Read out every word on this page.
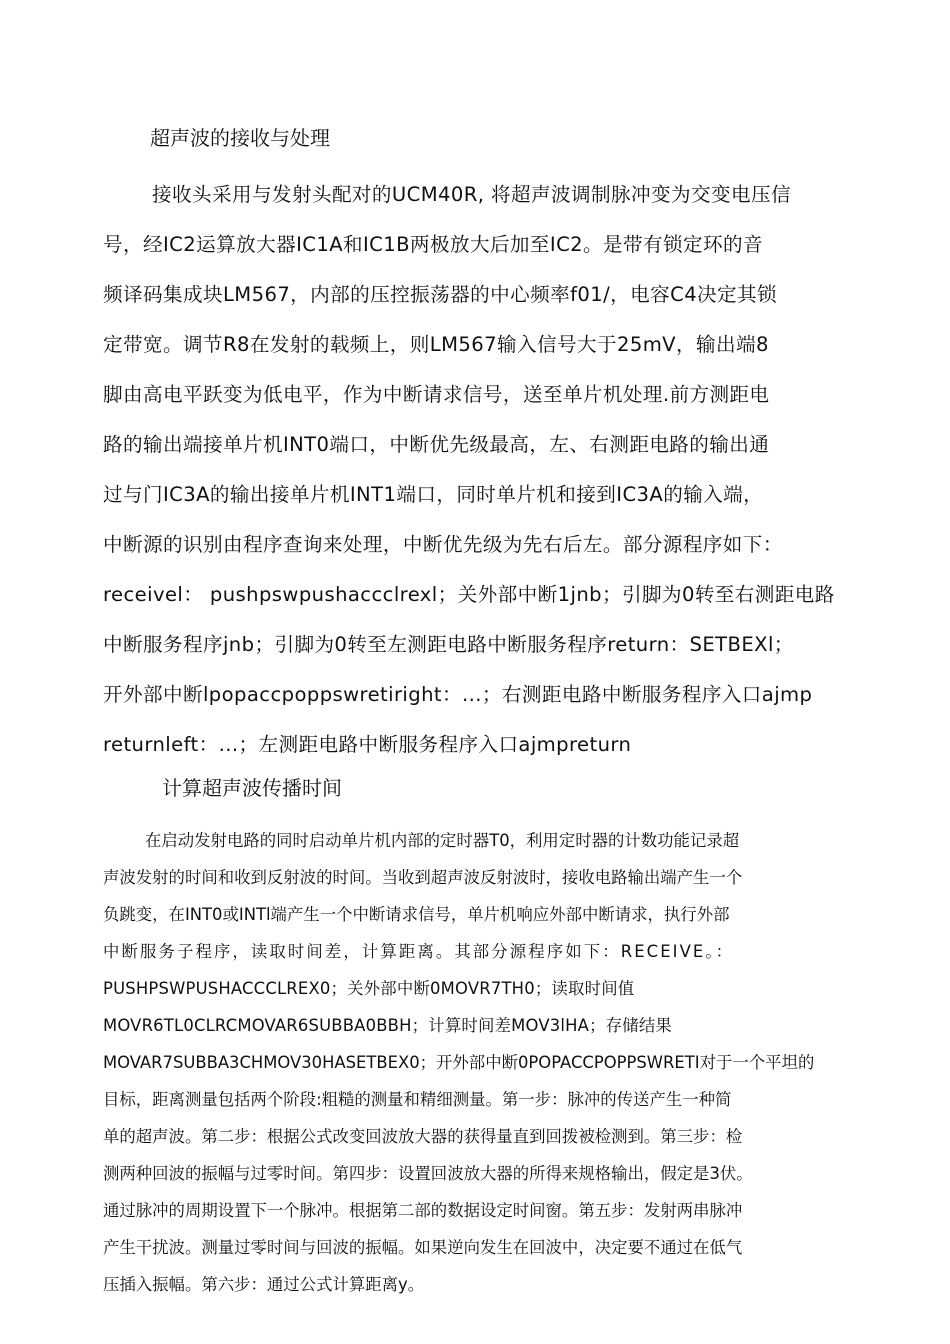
超声波的接收与处理
接收头采用与发射头配对的UCM40R, 将超声波调制脉冲变为交变电压信
号，经IC2运算放大器IC1A和IC1B两极放大后加至IC2。是带有锁定环的音
频译码集成块LM567，内部的压控振荡器的中心频率f01/，电容C4决定其锁
定带宽。调节R8在发射的载频上，则LM567输入信号大于25mV，输出端8
脚由高电平跃变为低电平，作为中断请求信号，送至单片机处理.前方测距电
路的输出端接单片机INT0端口，中断优先级最高，左、右测距电路的输出通
过与门IC3A的输出接单片机INT1端口，同时单片机和接到IC3A的输入端，
中断源的识别由程序查询来处理，中断优先级为先右后左。部分源程序如下：
receivel： pushpswpushaccclrexl；关外部中断1jnb；引脚为0转至右测距电路
中断服务程序jnb；引脚为0转至左测距电路中断服务程序return：SETBEXl；
开外部中断lpopaccpoppswretiright：...；右测距电路中断服务程序入口ajmp
returnleft：...；左测距电路中断服务程序入口ajmpreturn
计算超声波传播时间
在启动发射电路的同时启动单片机内部的定时器T0，利用定时器的计数功能记录超
声波发射的时间和收到反射波的时间。当收到超声波反射波时，接收电路输出端产生一个
负跳变，在INT0或INTl端产生一个中断请求信号，单片机响应外部中断请求，执行外部
中断服务子程序，读取时间差，计算距离。其部分源程序如下：RECEIVE。：
PUSHPSWPUSHACCCLREX0；关外部中断0MOVR7TH0；读取时间值
MOVR6TL0CLRCMOVAR6SUBBA0BBH；计算时间差MOV3lHA；存储结果
MOVAR7SUBBA3CHMOV30HASETBEX0；开外部中断0POPACCPOPPSWRETI对于一个平坦的
目标，距离测量包括两个阶段:粗糙的测量和精细测量。第一步：脉冲的传送产生一种简
单的超声波。第二步：根据公式改变回波放大器的获得量直到回拨被检测到。第三步：检
测两种回波的振幅与过零时间。第四步：设置回波放大器的所得来规格输出，假定是3伏。
通过脉冲的周期设置下一个脉冲。根据第二部的数据设定时间窗。第五步：发射两串脉冲
产生干扰波。测量过零时间与回波的振幅。如果逆向发生在回波中，决定要不通过在低气
压插入振幅。第六步：通过公式计算距离y。
